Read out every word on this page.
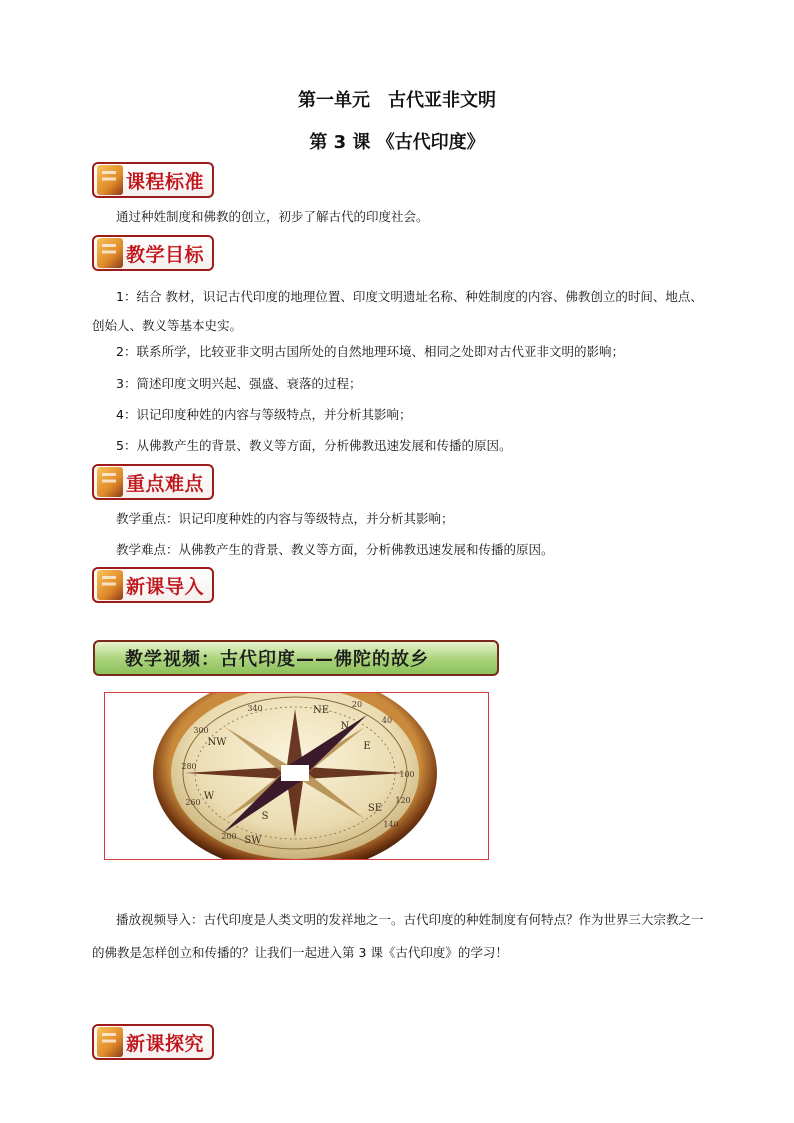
第一单元　古代亚非文明
第 3 课 《古代印度》
课程标准
通过种姓制度和佛教的创立，初步了解古代的印度社会。
教学目标
1：结合 教材，识记古代印度的地理位置、印度文明遗址名称、种姓制度的内容、佛教创立的时间、地点、创始人、教义等基本史实。
2：联系所学，比较亚非文明古国所处的自然地理环境、相同之处即对古代亚非文明的影响；
3：简述印度文明兴起、强盛、衰落的过程；
4：识记印度种姓的内容与等级特点，并分析其影响；
5：从佛教产生的背景、教义等方面，分析佛教迅速发展和传播的原因。
重点难点
教学重点：识记印度种姓的内容与等级特点，并分析其影响；
教学难点：从佛教产生的背景、教义等方面，分析佛教迅速发展和传播的原因。
新课导入
教学视频：古代印度——佛陀的故乡
N
E
S
W
NE
NW
SE
SW
340	20
40
300
280
260
200
140
120
100
播放视频导入：古代印度是人类文明的发祥地之一。古代印度的种姓制度有何特点？作为世界三大宗教之一的佛教是怎样创立和传播的？让我们一起进入第 3 课《古代印度》的学习！
新课探究
